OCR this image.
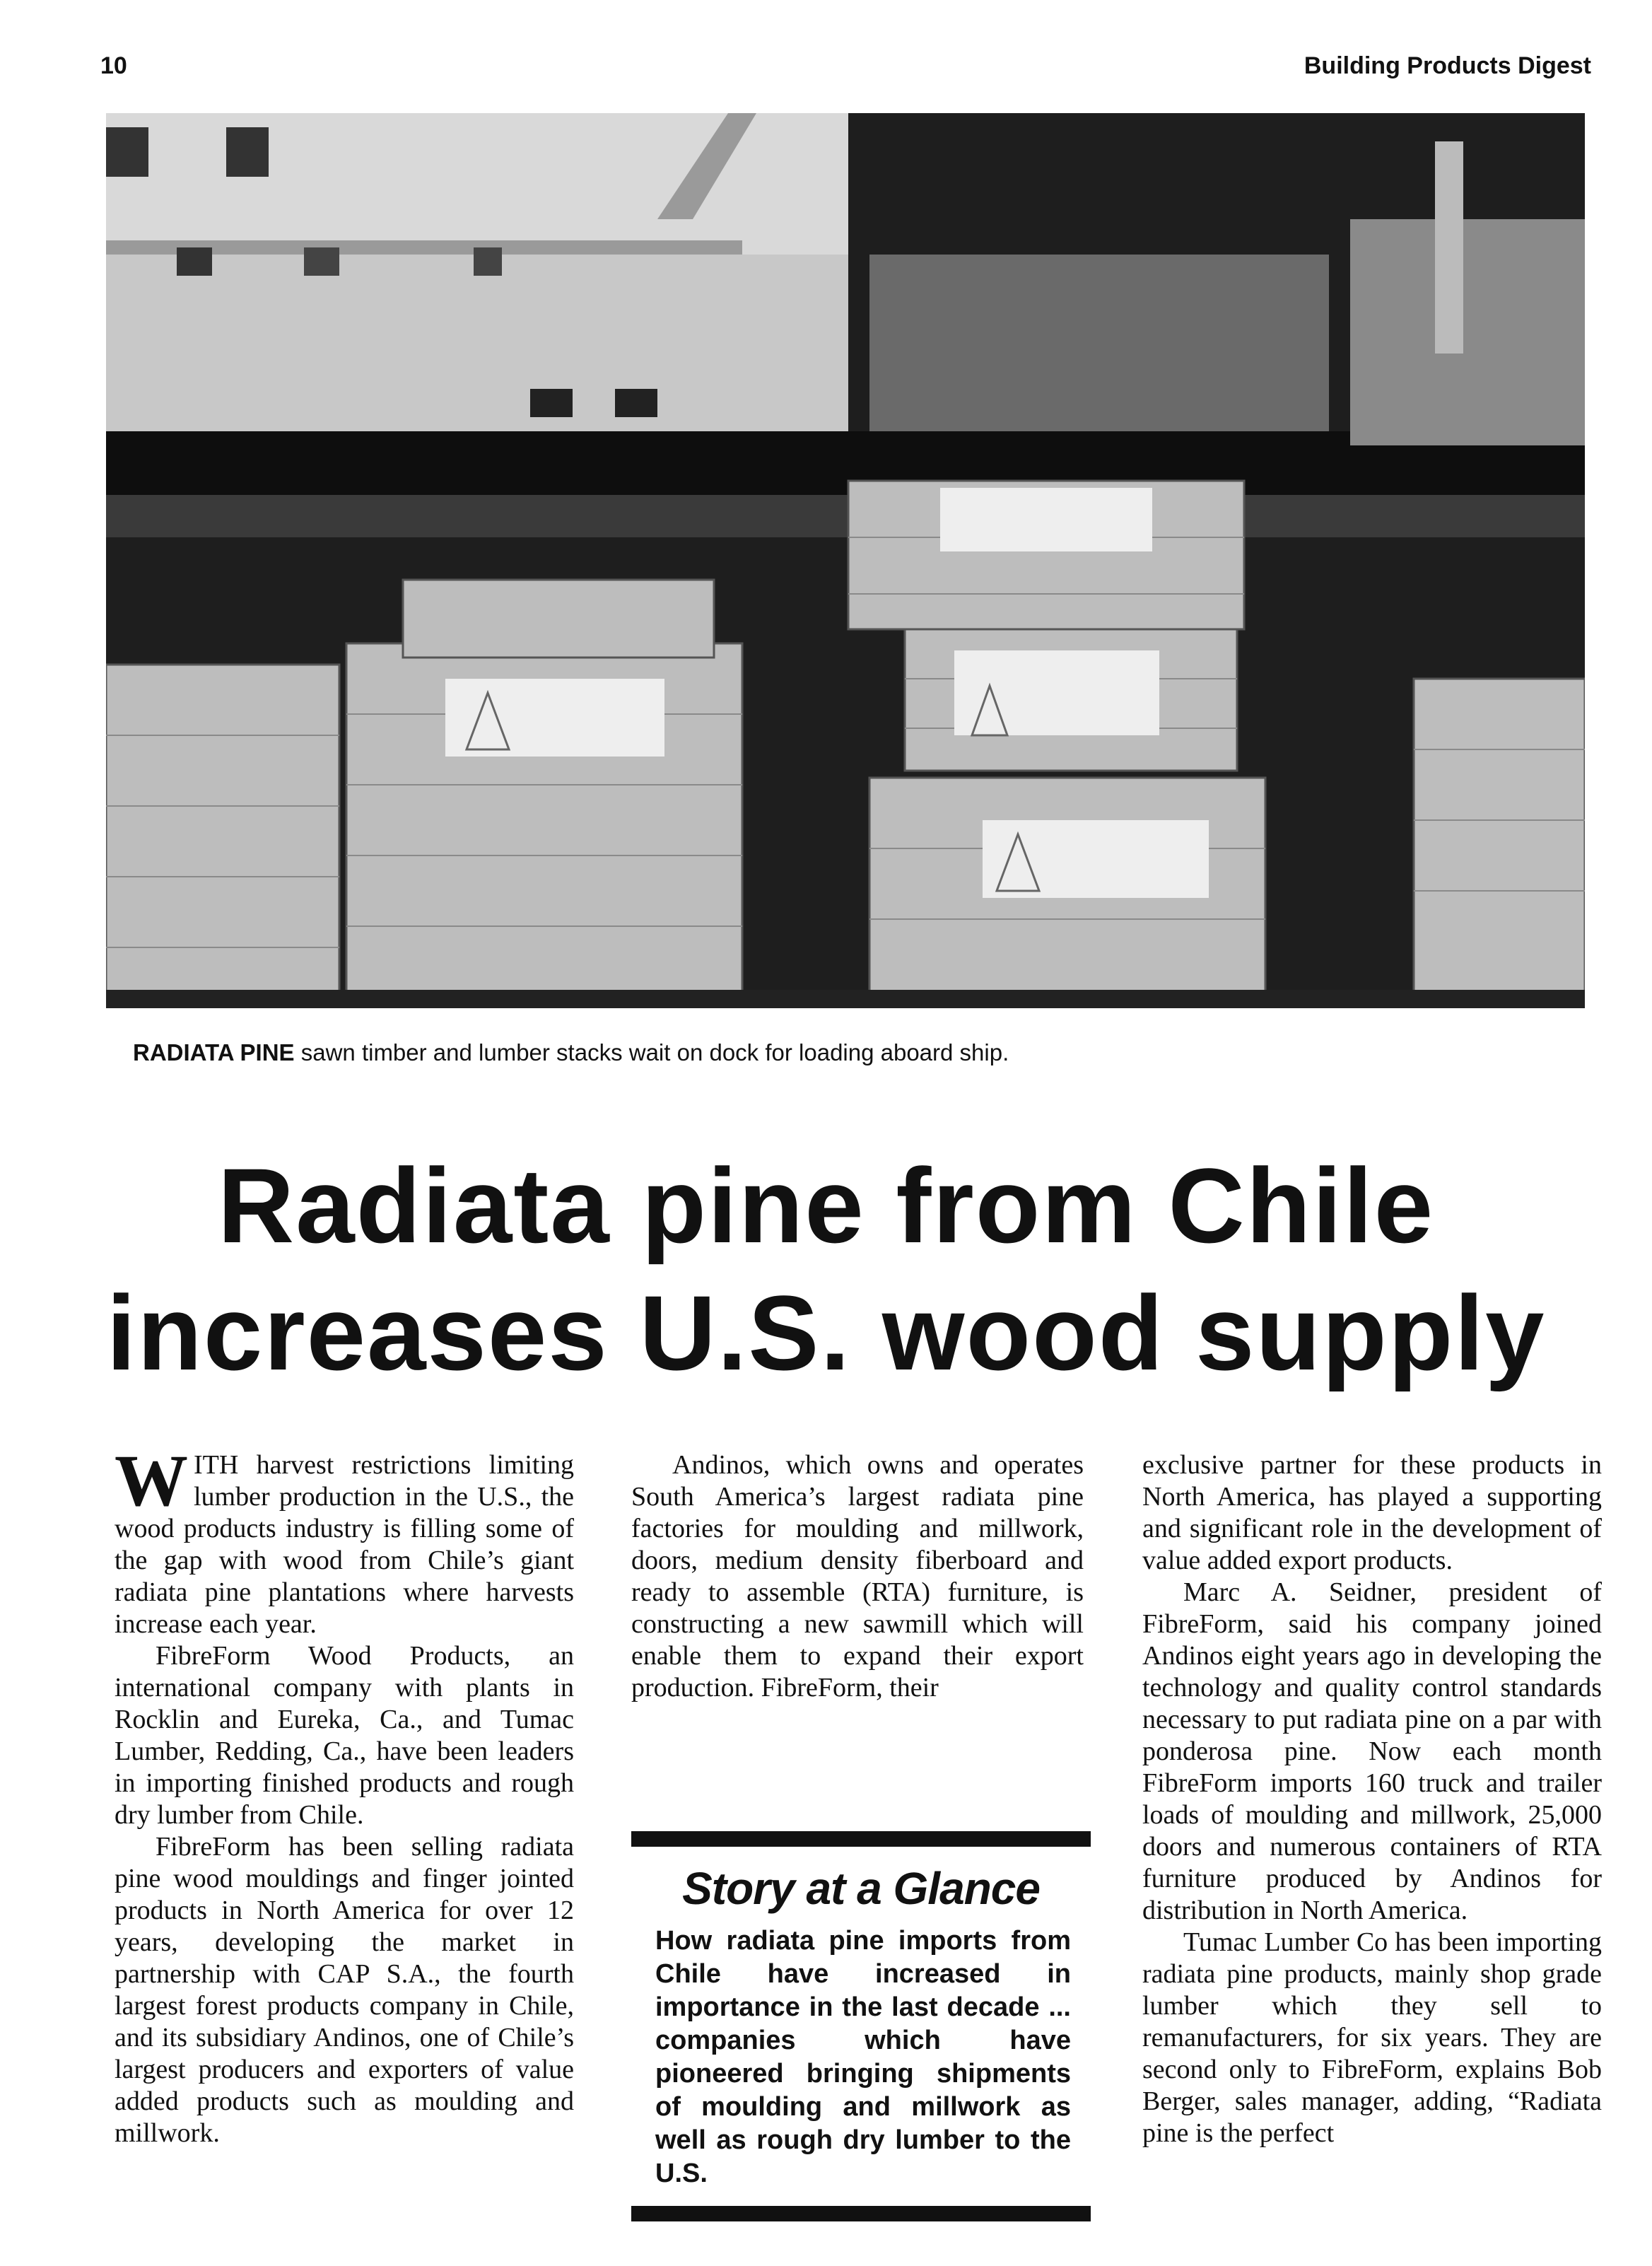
10	Building Products Digest
RADIATA PINE sawn timber and lumber stacks wait on dock for loading aboard ship.
Radiata pine from Chile
increases U.S. wood supply

WITH harvest restrictions limiting lumber production in the U.S., the wood products industry is filling some of the gap with wood from Chile’s giant radiata pine plantations where harvests increase each year.

FibreForm Wood Products, an international company with plants in Rocklin and Eureka, Ca., and Tumac Lumber, Redding, Ca., have been leaders in importing finished products and rough dry lumber from Chile.

FibreForm has been selling radiata pine wood mouldings and finger jointed products in North America for over 12 years, developing the market in partnership with CAP S.A., the fourth largest forest products company in Chile, and its subsidiary Andinos, one of Chile’s largest producers and exporters of value added products such as moulding and millwork.

Andinos, which owns and operates South America’s largest radiata pine factories for moulding and millwork, doors, medium density fiberboard and ready to assemble (RTA) furniture, is constructing a new sawmill which will enable them to expand their export production. FibreForm, their

Story at a Glance
How radiata pine imports from Chile have increased in importance in the last decade ... companies which have pioneered bringing shipments of moulding and millwork as well as rough dry lumber to the U.S.

exclusive partner for these products in North America, has played a supporting and significant role in the development of value added export products.

Marc A. Seidner, president of FibreForm, said his company joined Andinos eight years ago in developing the technology and quality control standards necessary to put radiata pine on a par with ponderosa pine. Now each month FibreForm imports 160 truck and trailer loads of moulding and millwork, 25,000 doors and numerous containers of RTA furniture produced by Andinos for distribution in North America.

Tumac Lumber Co has been importing radiata pine products, mainly shop grade lumber which they sell to remanufacturers, for six years. They are second only to FibreForm, explains Bob Berger, sales manager, adding, “Radiata pine is the perfect
